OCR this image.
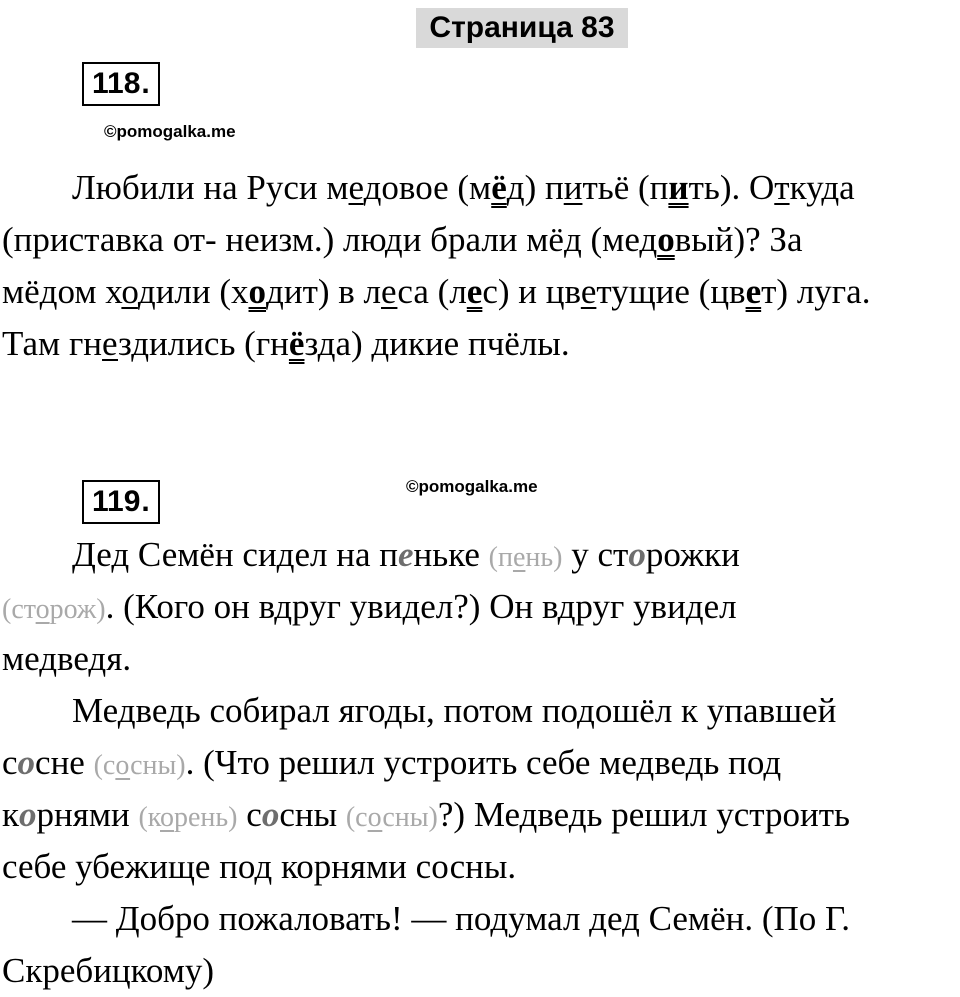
Страница 83
118.
©pomogalka.me
Любили на Руси медовое (мёд) питьё (пить). Откуда
(приставка от- неизм.) люди брали мёд (медовый)? За
мёдом ходили (ходит) в леса (лес) и цветущие (цвет) луга.
Там гнездились (гнёзда) дикие пчёлы.
119.	©pomogalka.me
Дед Семён сидел на пеньке (пень) у сторожки
(сторож). (Кого он вдруг увидел?) Он вдруг увидел
медведя.
Медведь собирал ягоды, потом подошёл к упавшей
сосне (сосны). (Что решил устроить себе медведь под
корнями (корень) сосны (сосны)?) Медведь решил устроить
себе убежище под корнями сосны.
— Добро пожаловать! — подумал дед Семён. (По Г.
Скребицкому)
